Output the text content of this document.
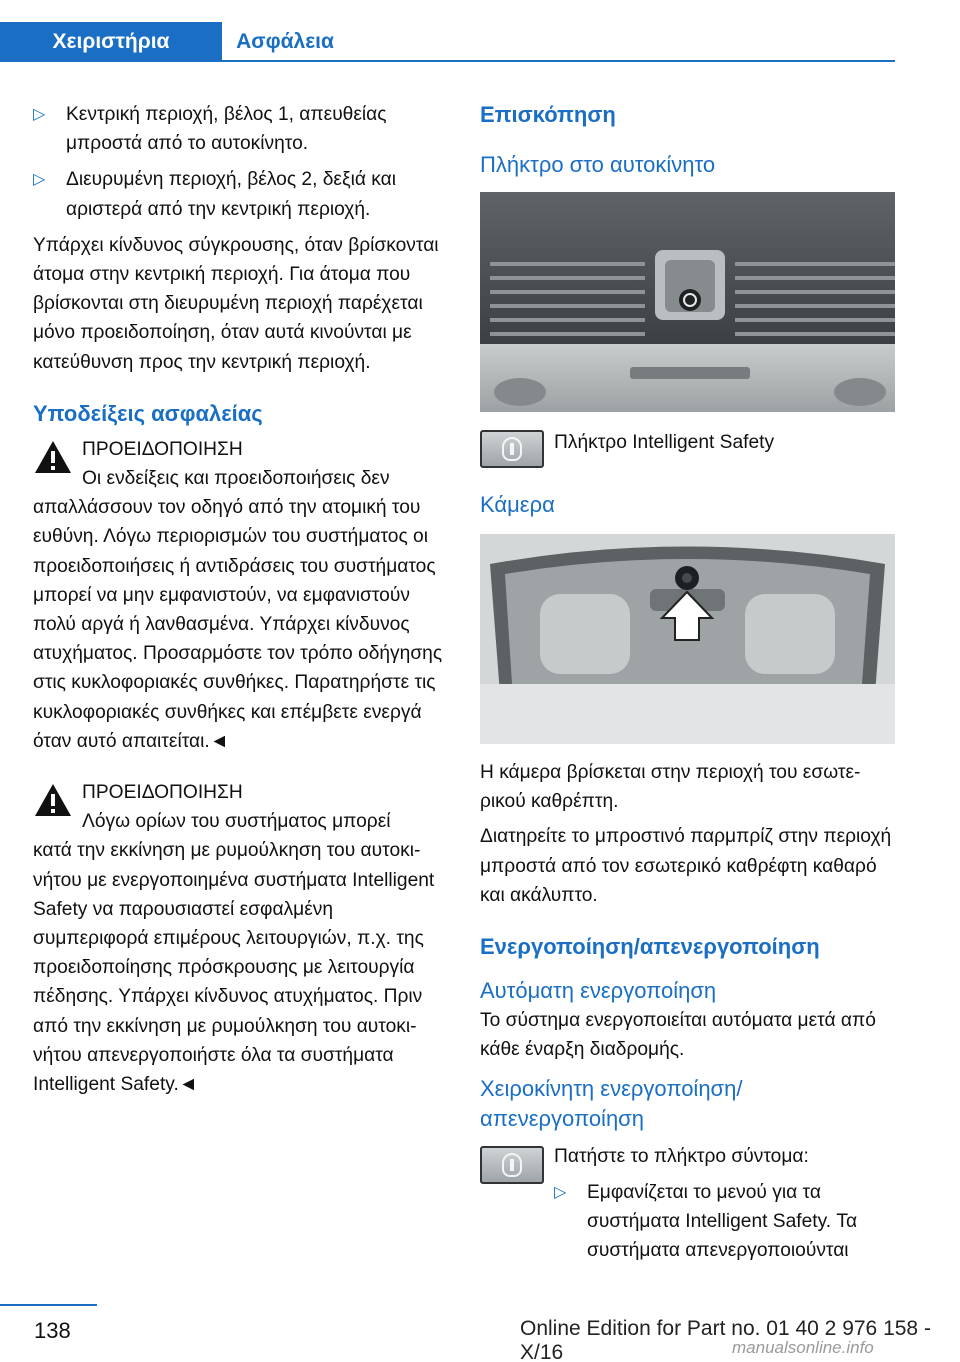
Χειριστήρια	Ασφάλεια
▷ Κεντρική περιοχή, βέλος 1, απευθείας μπροστά από το αυτοκίνητο.
▷ Διευρυμένη περιοχή, βέλος 2, δεξιά και αριστερά από την κεντρική περιοχή.

Υπάρχει κίνδυνος σύγκρουσης, όταν βρίσκονται άτομα στην κεντρική περιοχή. Για άτομα που βρίσκονται στη διευρυμένη περιοχή παρέχεται μόνο προειδοποίηση, όταν αυτά κινούνται με κατεύθυνση προς την κεντρική περιοχή.

Υποδείξεις ασφαλείας
ΠΡΟΕΙΔΟΠΟΙΗΣΗ
Οι ενδείξεις και προειδοποιήσεις δεν
απαλλάσσουν τον οδηγό από την ατομική του ευθύνη. Λόγω περιορισμών του συστήματος οι προειδοποιήσεις ή αντιδράσεις του συστήματος μπορεί να μην εμφανιστούν, να εμφανιστούν πολύ αργά ή λανθασμένα. Υπάρχει κίνδυνος ατυχήματος. Προσαρμόστε τον τρόπο οδήγησης στις κυκλοφοριακές συνθήκες. Παρατηρήστε τις κυκλοφοριακές συνθήκες και επέμβετε ενεργά όταν αυτό απαιτείται.◄
ΠΡΟΕΙΔΟΠΟΙΗΣΗ
Λόγω ορίων του συστήματος μπορεί
κατά την εκκίνηση με ρυμούλκηση του αυτοκινήτου με ενεργοποιημένα συστήματα Intelligent Safety να παρουσιαστεί εσφαλμένη συμπεριφορά επιμέρους λειτουργιών, π.χ. της προειδοποίησης πρόσκρουσης με λειτουργία πέδησης. Υπάρχει κίνδυνος ατυχήματος. Πριν από την εκκίνηση με ρυμούλκηση του αυτοκινήτου απενεργοποιήστε όλα τα συστήματα Intelligent Safety.◄
Επισκόπηση
Πλήκτρο στο αυτοκίνητο
Πλήκτρο Intelligent Safety
Κάμερα

Η κάμερα βρίσκεται στην περιοχή του εσωτερικού καθρέπτη.

Διατηρείτε το μπροστινό παρμπρίζ στην περιοχή μπροστά από τον εσωτερικό καθρέφτη καθαρό και ακάλυπτο.

Ενεργοποίηση/απενεργοποίηση
Αυτόματη ενεργοποίηση

Το σύστημα ενεργοποιείται αυτόματα μετά από κάθε έναρξη διαδρομής.

Χειροκίνητη ενεργοποίηση/ απενεργοποίηση

Πατήστε το πλήκτρο σύντομα:

▷ Εμφανίζεται το μενού για τα συστήματα Intelligent Safety. Τα συστήματα απενεργοποιούνται
138	Online Edition for Part no. 01 40 2 976 158 - X/16	manualsonline.info
